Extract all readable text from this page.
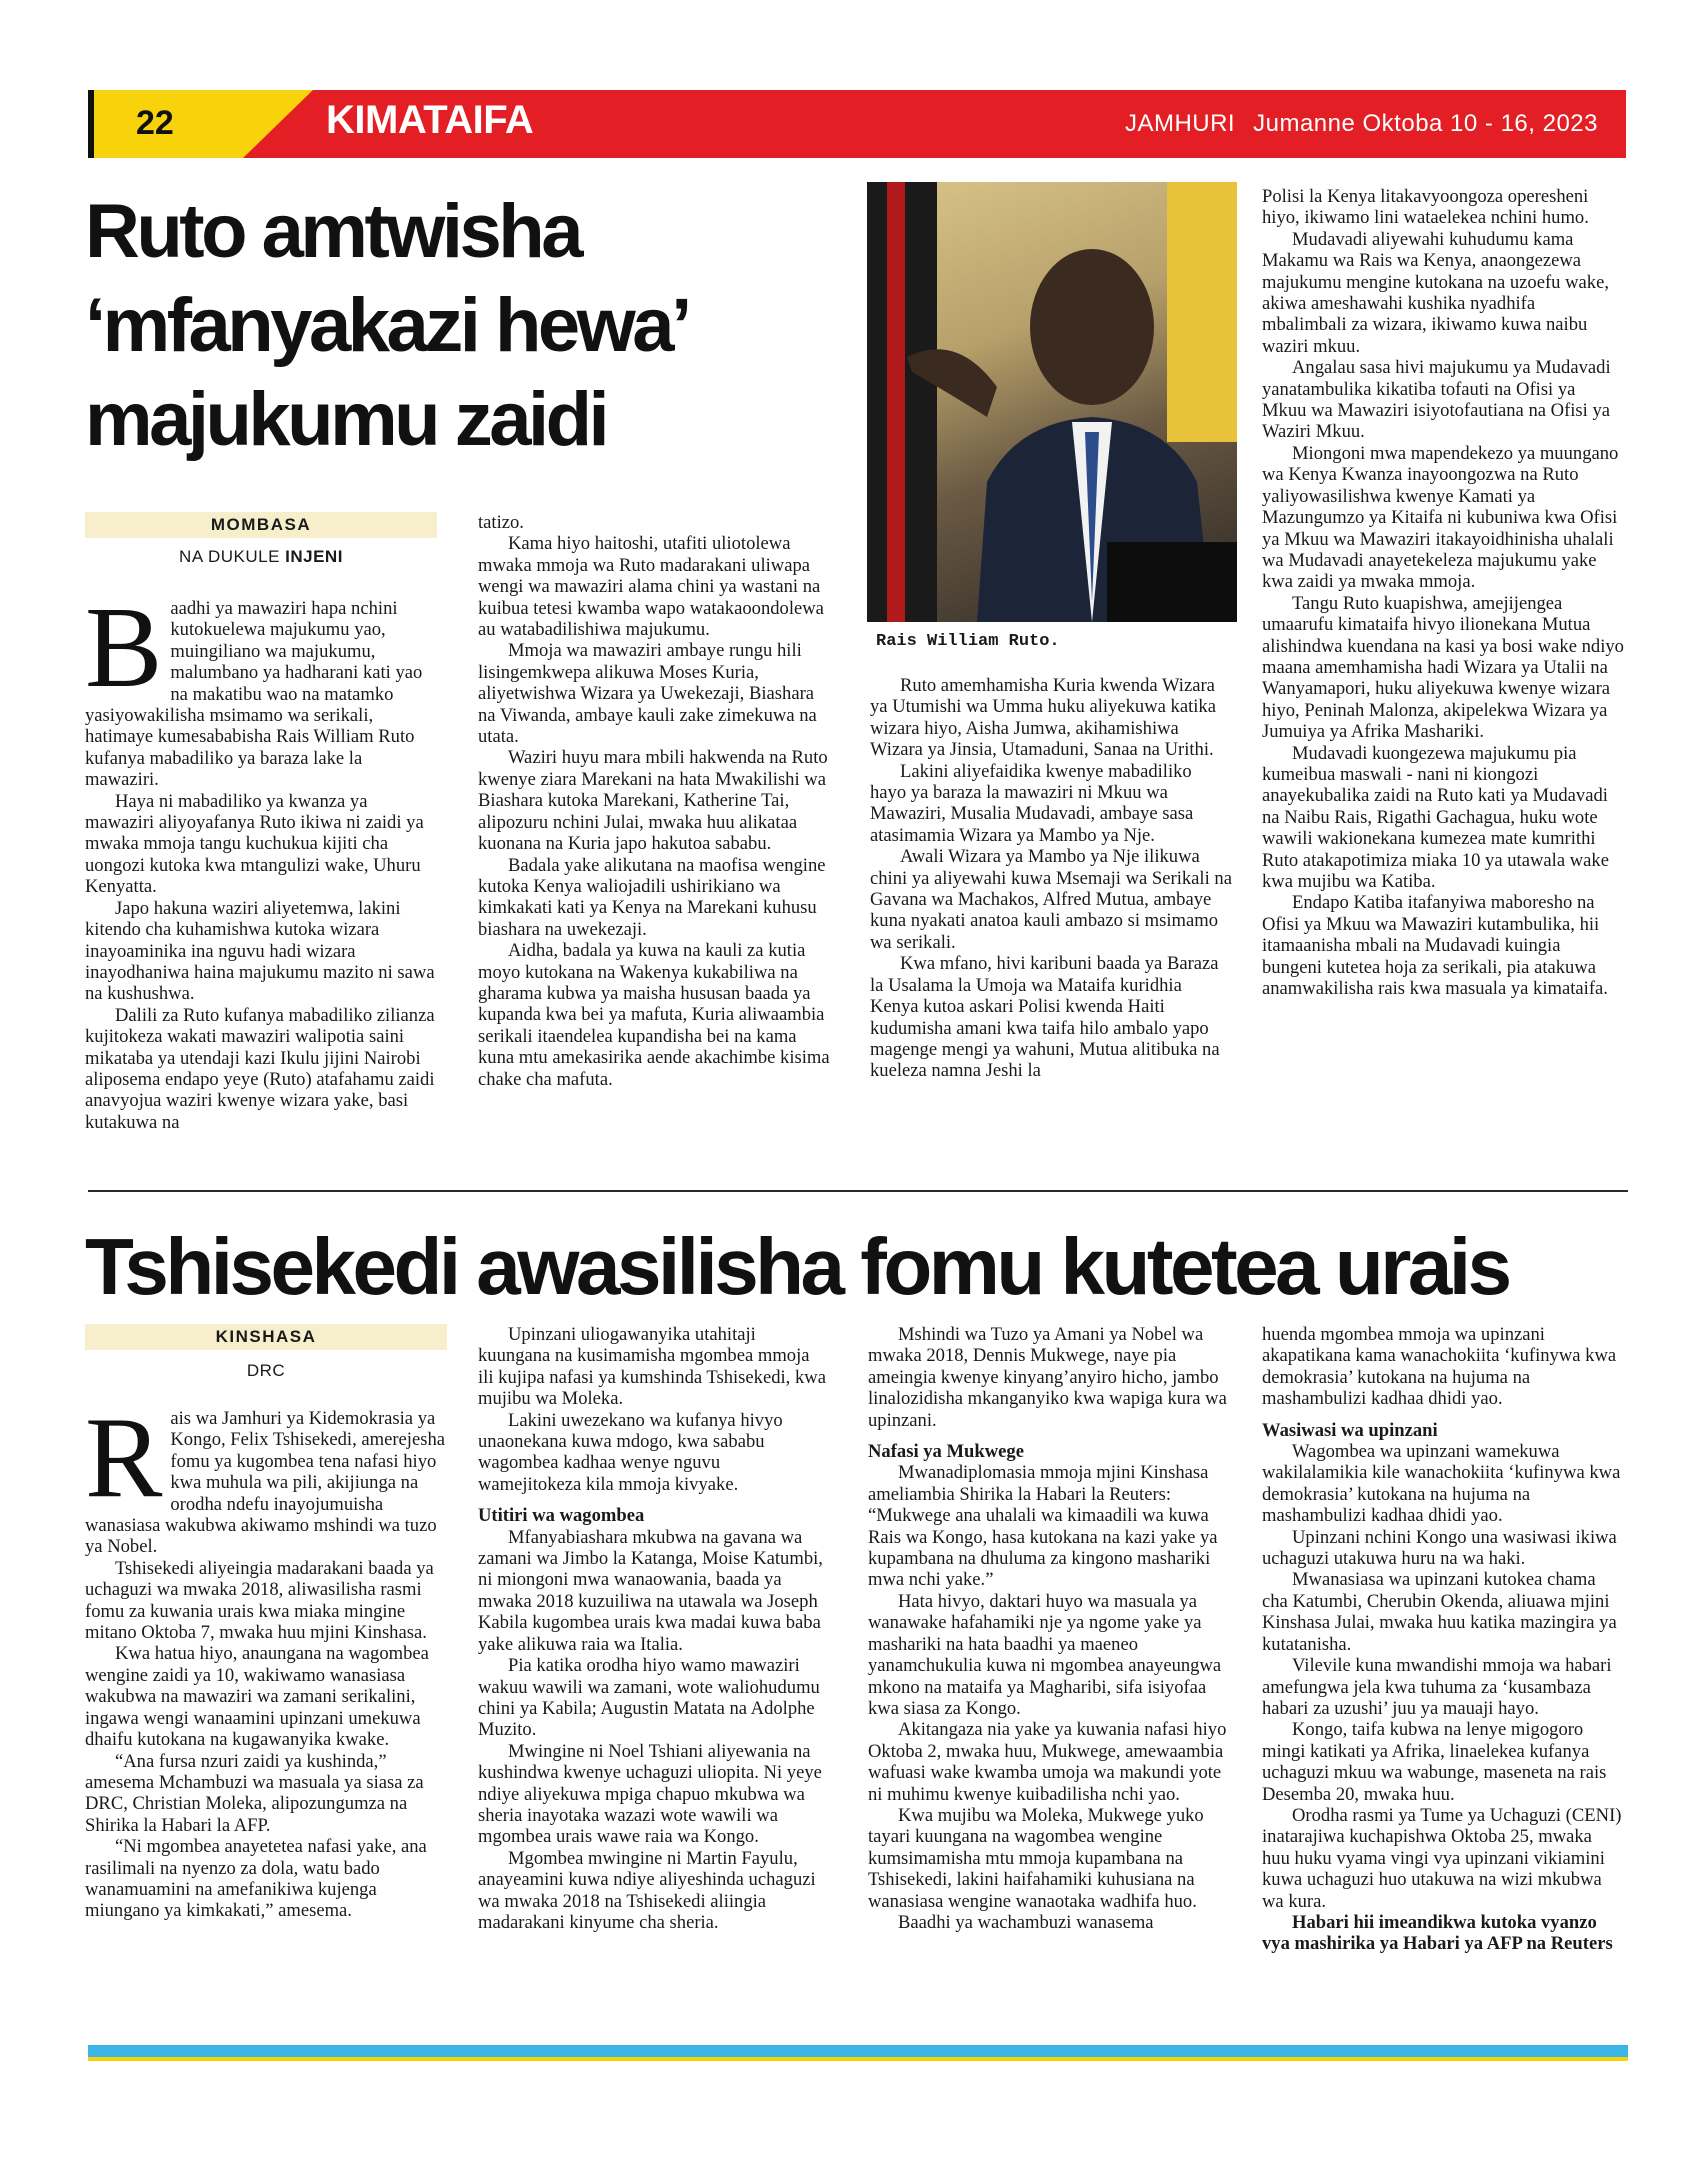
22	KIMATAIFA	JAMHURI Jumanne Oktoba 10 - 16, 2023
Ruto amtwisha ‘mfanyakazi hewa’ majukumu zaidi
MOMBASA
NA DUKULE INJENI
B aadhi ya mawaziri hapa nchini kutokuelewa majukumu yao, muingiliano wa majukumu, malumbano ya hadharani kati yao na makatibu wao na matamko yasiyowakilisha msimamo wa serikali, hatimaye kumesababisha Rais William Ruto kufanya mabadiliko ya baraza lake la mawaziri.

Haya ni mabadiliko ya kwanza ya mawaziri aliyoyafanya Ruto ikiwa ni zaidi ya mwaka mmoja tangu kuchukua kijiti cha uongozi kutoka kwa mtangulizi wake, Uhuru Kenyatta.

Japo hakuna waziri aliyetemwa, lakini kitendo cha kuhamishwa kutoka wizara inayoaminika ina nguvu hadi wizara inayodhaniwa haina majukumu mazito ni sawa na kushushwa.

Dalili za Ruto kufanya mabadiliko zilianza kujitokeza wakati mawaziri walipotia saini mikataba ya utendaji kazi Ikulu jijini Nairobi aliposema endapo yeye (Ruto) atafahamu zaidi anavyojua waziri kwenye wizara yake, basi kutakuwa na

tatizo.

Kama hiyo haitoshi, utafiti uliotolewa mwaka mmoja wa Ruto madarakani uliwapa wengi wa mawaziri alama chini ya wastani na kuibua tetesi kwamba wapo watakaoondolewa au watabadilishiwa majukumu.

Mmoja wa mawaziri ambaye rungu hili lisingemkwepa alikuwa Moses Kuria, aliyetwishwa Wizara ya Uwekezaji, Biashara na Viwanda, ambaye kauli zake zimekuwa na utata.

Waziri huyu mara mbili hakwenda na Ruto kwenye ziara Marekani na hata Mwakilishi wa Biashara kutoka Marekani, Katherine Tai, alipozuru nchini Julai, mwaka huu alikataa kuonana na Kuria japo hakutoa sababu.

Badala yake alikutana na maofisa wengine kutoka Kenya waliojadili ushirikiano wa kimkakati kati ya Kenya na Marekani kuhusu biashara na uwekezaji.

Aidha, badala ya kuwa na kauli za kutia moyo kutokana na Wakenya kukabiliwa na gharama kubwa ya maisha hususan baada ya kupanda kwa bei ya mafuta, Kuria aliwaambia serikali itaendelea kupandisha bei na kama kuna mtu amekasirika aende akachimbe kisima chake cha mafuta.

Rais William Ruto.

Ruto amemhamisha Kuria kwenda Wizara ya Utumishi wa Umma huku aliyekuwa katika wizara hiyo, Aisha Jumwa, akihamishiwa Wizara ya Jinsia, Utamaduni, Sanaa na Urithi.

Lakini aliyefaidika kwenye mabadiliko hayo ya baraza la mawaziri ni Mkuu wa Mawaziri, Musalia Mudavadi, ambaye sasa atasimamia Wizara ya Mambo ya Nje.

Awali Wizara ya Mambo ya Nje ilikuwa chini ya aliyewahi kuwa Msemaji wa Serikali na Gavana wa Machakos, Alfred Mutua, ambaye kuna nyakati anatoa kauli ambazo si msimamo wa serikali.

Kwa mfano, hivi karibuni baada ya Baraza la Usalama la Umoja wa Mataifa kuridhia Kenya kutoa askari Polisi kwenda Haiti kudumisha amani kwa taifa hilo ambalo yapo magenge mengi ya wahuni, Mutua alitibuka na kueleza namna Jeshi la

Polisi la Kenya litakavyoongoza operesheni hiyo, ikiwamo lini wataelekea nchini humo.

Mudavadi aliyewahi kuhudumu kama Makamu wa Rais wa Kenya, anaongezewa majukumu mengine kutokana na uzoefu wake, akiwa ameshawahi kushika nyadhifa mbalimbali za wizara, ikiwamo kuwa naibu waziri mkuu.

Angalau sasa hivi majukumu ya Mudavadi yanatambulika kikatiba tofauti na Ofisi ya Mkuu wa Mawaziri isiyotofautiana na Ofisi ya Waziri Mkuu.

Miongoni mwa mapendekezo ya muungano wa Kenya Kwanza inayoongozwa na Ruto yaliyowasilishwa kwenye Kamati ya Mazungumzo ya Kitaifa ni kubuniwa kwa Ofisi ya Mkuu wa Mawaziri itakayoidhinisha uhalali wa Mudavadi anayetekeleza majukumu yake kwa zaidi ya mwaka mmoja.

Tangu Ruto kuapishwa, amejijengea umaarufu kimataifa hivyo ilionekana Mutua alishindwa kuendana na kasi ya bosi wake ndiyo maana amemhamisha hadi Wizara ya Utalii na Wanyamapori, huku aliyekuwa kwenye wizara hiyo, Peninah Malonza, akipelekwa Wizara ya Jumuiya ya Afrika Mashariki.

Mudavadi kuongezewa majukumu pia kumeibua maswali - nani ni kiongozi anayekubalika zaidi na Ruto kati ya Mudavadi na Naibu Rais, Rigathi Gachagua, huku wote wawili wakionekana kumezea mate kumrithi Ruto atakapotimiza miaka 10 ya utawala wake kwa mujibu wa Katiba.

Endapo Katiba itafanyiwa maboresho na Ofisi ya Mkuu wa Mawaziri kutambulika, hii itamaanisha mbali na Mudavadi kuingia bungeni kutetea hoja za serikali, pia atakuwa anamwakilisha rais kwa masuala ya kimataifa.

Tshisekedi awasilisha fomu kutetea urais
KINSHASA
DRC
R ais wa Jamhuri ya Kidemokrasia ya Kongo, Felix Tshisekedi, amerejesha fomu ya kugombea tena nafasi hiyo kwa muhula wa pili, akijiunga na orodha ndefu inayojumuisha wanasiasa wakubwa akiwamo mshindi wa tuzo ya Nobel.

Tshisekedi aliyeingia madarakani baada ya uchaguzi wa mwaka 2018, aliwasilisha rasmi fomu za kuwania urais kwa miaka mingine mitano Oktoba 7, mwaka huu mjini Kinshasa.

Kwa hatua hiyo, anaungana na wagombea wengine zaidi ya 10, wakiwamo wanasiasa wakubwa na mawaziri wa zamani serikalini, ingawa wengi wanaamini upinzani umekuwa dhaifu kutokana na kugawanyika kwake.

“Ana fursa nzuri zaidi ya kushinda,” amesema Mchambuzi wa masuala ya siasa za DRC, Christian Moleka, alipozungumza na Shirika la Habari la AFP.

“Ni mgombea anayetetea nafasi yake, ana rasilimali na nyenzo za dola, watu bado wanamuamini na amefanikiwa kujenga miungano ya kimkakati,” amesema.

Upinzani uliogawanyika utahitaji kuungana na kusimamisha mgombea mmoja ili kujipa nafasi ya kumshinda Tshisekedi, kwa mujibu wa Moleka.

Lakini uwezekano wa kufanya hivyo unaonekana kuwa mdogo, kwa sababu wagombea kadhaa wenye nguvu wamejitokeza kila mmoja kivyake.

Utitiri wa wagombea

Mfanyabiashara mkubwa na gavana wa zamani wa Jimbo la Katanga, Moise Katumbi, ni miongoni mwa wanaowania, baada ya mwaka 2018 kuzuiliwa na utawala wa Joseph Kabila kugombea urais kwa madai kuwa baba yake alikuwa raia wa Italia.

Pia katika orodha hiyo wamo mawaziri wakuu wawili wa zamani, wote waliohudumu chini ya Kabila; Augustin Matata na Adolphe Muzito.

Mwingine ni Noel Tshiani aliyewania na kushindwa kwenye uchaguzi uliopita. Ni yeye ndiye aliyekuwa mpiga chapuo mkubwa wa sheria inayotaka wazazi wote wawili wa mgombea urais wawe raia wa Kongo.

Mgombea mwingine ni Martin Fayulu, anayeamini kuwa ndiye aliyeshinda uchaguzi wa mwaka 2018 na Tshisekedi aliingia madarakani kinyume cha sheria.

Mshindi wa Tuzo ya Amani ya Nobel wa mwaka 2018, Dennis Mukwege, naye pia ameingia kwenye kinyang’anyiro hicho, jambo linalozidisha mkanganyiko kwa wapiga kura wa upinzani.

Nafasi ya Mukwege

Mwanadiplomasia mmoja mjini Kinshasa ameliambia Shirika la Habari la Reuters: “Mukwege ana uhalali wa kimaadili wa kuwa Rais wa Kongo, hasa kutokana na kazi yake ya kupambana na dhuluma za kingono mashariki mwa nchi yake.”

Hata hivyo, daktari huyo wa masuala ya wanawake hafahamiki nje ya ngome yake ya mashariki na hata baadhi ya maeneo yanamchukulia kuwa ni mgombea anayeungwa mkono na mataifa ya Magharibi, sifa isiyofaa kwa siasa za Kongo.

Akitangaza nia yake ya kuwania nafasi hiyo Oktoba 2, mwaka huu, Mukwege, amewaambia wafuasi wake kwamba umoja wa makundi yote ni muhimu kwenye kuibadilisha nchi yao.

Kwa mujibu wa Moleka, Mukwege yuko tayari kuungana na wagombea wengine kumsimamisha mtu mmoja kupambana na Tshisekedi, lakini haifahamiki kuhusiana na wanasiasa wengine wanaotaka wadhifa huo.

Baadhi ya wachambuzi wanasema

huenda mgombea mmoja wa upinzani akapatikana kama wanachokiita ‘kufinywa kwa demokrasia’ kutokana na hujuma na mashambulizi kadhaa dhidi yao.

Wasiwasi wa upinzani

Wagombea wa upinzani wamekuwa wakilalamikia kile wanachokiita ‘kufinywa kwa demokrasia’ kutokana na hujuma na mashambulizi kadhaa dhidi yao.

Upinzani nchini Kongo una wasiwasi ikiwa uchaguzi utakuwa huru na wa haki.

Mwanasiasa wa upinzani kutokea chama cha Katumbi, Cherubin Okenda, aliuawa mjini Kinshasa Julai, mwaka huu katika mazingira ya kutatanisha.

Vilevile kuna mwandishi mmoja wa habari amefungwa jela kwa tuhuma za ‘kusambaza habari za uzushi’ juu ya mauaji hayo.

Kongo, taifa kubwa na lenye migogoro mingi katikati ya Afrika, linaelekea kufanya uchaguzi mkuu wa wabunge, maseneta na rais Desemba 20, mwaka huu.

Orodha rasmi ya Tume ya Uchaguzi (CENI) inatarajiwa kuchapishwa Oktoba 25, mwaka huu huku vyama vingi vya upinzani vikiamini kuwa uchaguzi huo utakuwa na wizi mkubwa wa kura.

Habari hii imeandikwa kutoka vyanzo vya mashirika ya Habari ya AFP na Reuters
